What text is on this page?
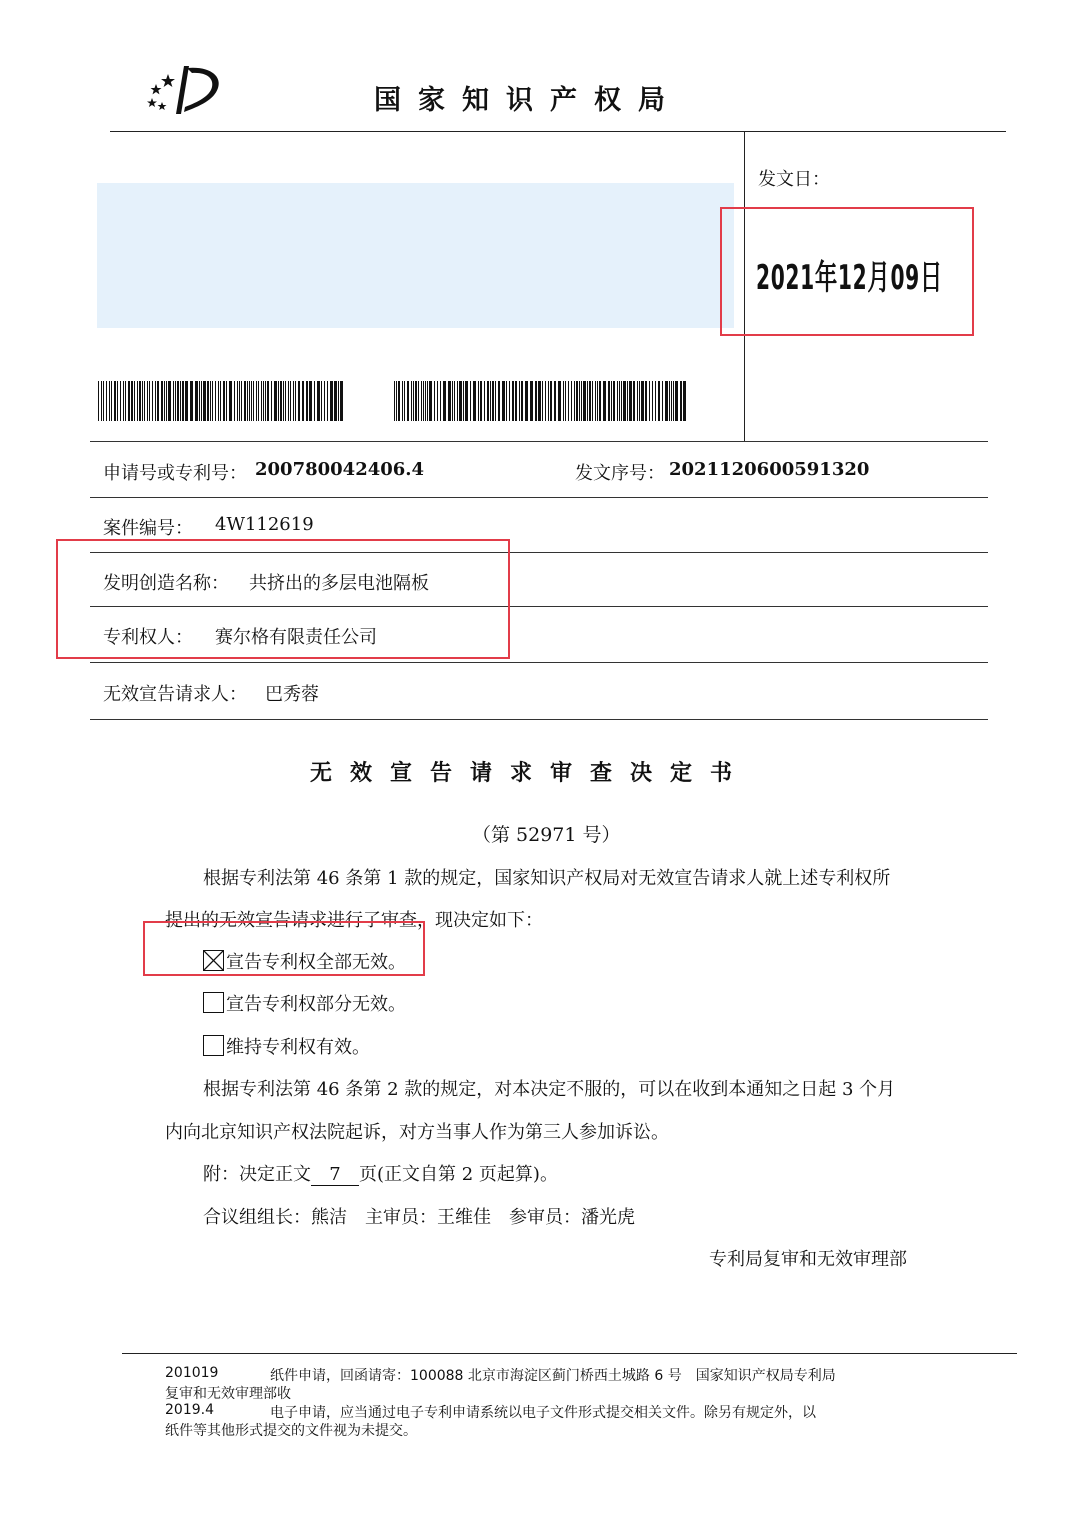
国家知识产权局
发文日：
2021年12月09日
申请号或专利号： 200780042406.4	发文序号： 2021120600591320
案件编号： 4W112619
发明创造名称： 共挤出的多层电池隔板
专利权人： 赛尔格有限责任公司
无效宣告请求人： 巴秀蓉
无效宣告请求审查决定书
（第 52971 号）
根据专利法第 46 条第 1 款的规定，国家知识产权局对无效宣告请求人就上述专利权所
提出的无效宣告请求进行了审查，现决定如下：
宣告专利权全部无效。
宣告专利权部分无效。
维持专利权有效。
根据专利法第 46 条第 2 款的规定，对本决定不服的，可以在收到本通知之日起 3 个月
内向北京知识产权法院起诉，对方当事人作为第三人参加诉讼。
附：决定正文 7 页(正文自第 2 页起算)。
合议组组长：熊洁　主审员：王维佳　参审员：潘光虎
专利局复审和无效审理部
201019	纸件申请，回函请寄：100088 北京市海淀区蓟门桥西土城路 6 号　国家知识产权局专利局
复审和无效审理部收
2019.4	电子申请，应当通过电子专利申请系统以电子文件形式提交相关文件。除另有规定外，以
纸件等其他形式提交的文件视为未提交。
